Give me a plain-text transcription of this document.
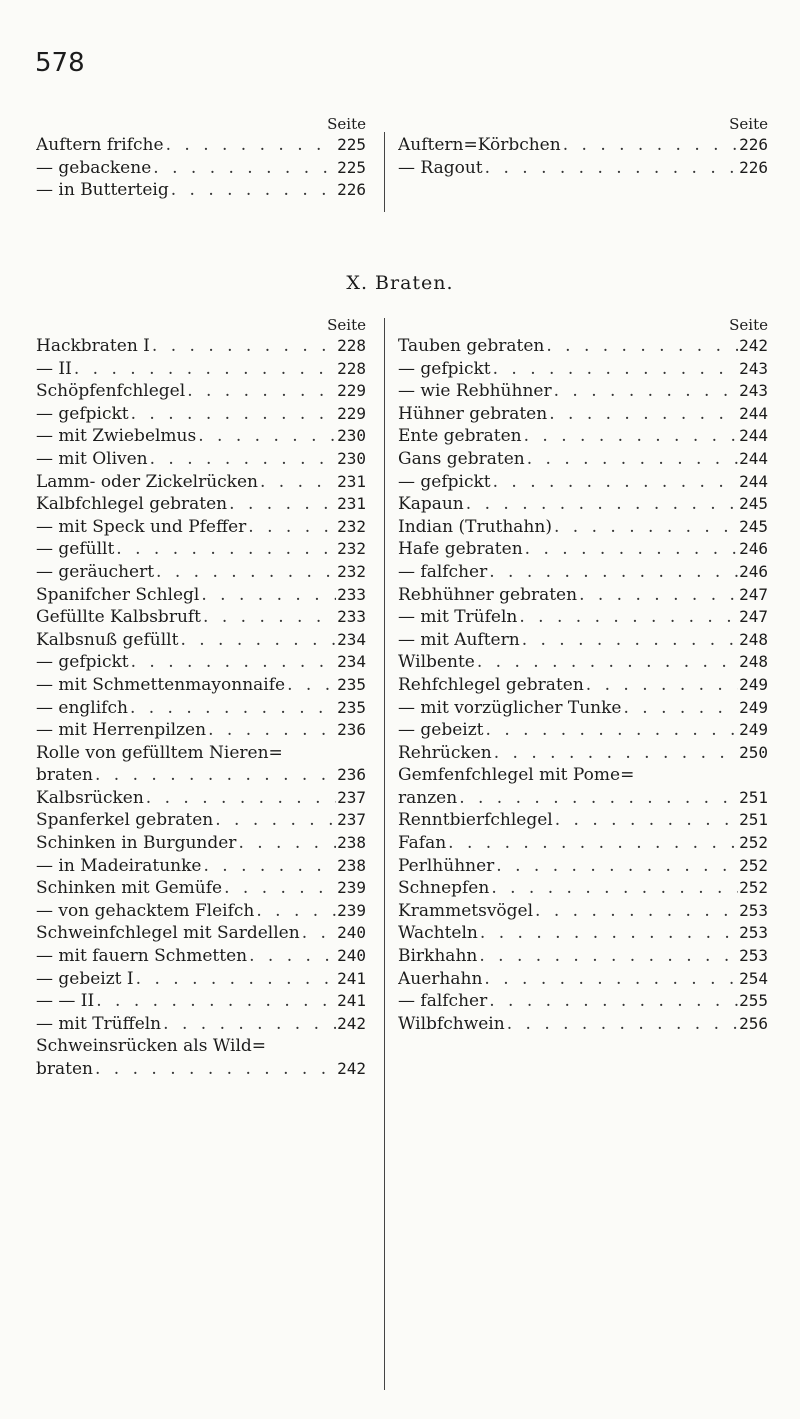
578
Seite
Auftern frifche . . .	225
— gebackene . . .	225
— in Butterteig . . .	226
Seite
Auftern=Körbchen . . .	226
— Ragout . . .	226
X. Braten.
Seite
Hackbraten I . . .	228
— II . . .	228
Schöpfenfchlegel . . .	229
— gefpickt . . .	229
— mit Zwiebelmus . . .	230
— mit Oliven . . .	230
Lamm- oder Zickelrücken . . .	231
Kalbfchlegel gebraten . . .	231
— mit Speck und Pfeffer . . .	232
— gefüllt . . .	232
— geräuchert . . .	232
Spanifcher Schlegl . . .	233
Gefüllte Kalbsbruft . . .	233
Kalbsnuß gefüllt . . .	234
— gefpickt . . .	234
— mit Schmettenmayonnaife . . .	235
— englifch . . .	235
— mit Herrenpilzen . . .	236
Rolle von gefülltem Nieren=
braten . . .	236
Kalbsrücken . . .	237
Spanferkel gebraten . . .	237
Schinken in Burgunder . . .	238
— in Madeiratunke . . .	238
Schinken mit Gemüfe . . .	239
— von gehacktem Fleifch . . .	239
Schweinfchlegel mit Sardellen . . . 240
— mit fauern Schmetten . . .	240
— gebeizt I . . .	241
— — II . . .	241
— mit Trüffeln . . .	242
Schweinsrücken als Wild=
braten . . .	242
Seite
Tauben gebraten . . .	242
— gefpickt . . .	243
— wie Rebhühner . . .	243
Hühner gebraten . . .	244
Ente gebraten . . .	244
Gans gebraten . . .	244
— gefpickt . . .	244
Kapaun . . .	245
Indian (Truthahn) . . .	245
Hafe gebraten . . .	246
— falfcher . . .	246
Rebhühner gebraten . . .	247
— mit Trüfeln . . .	247
— mit Auftern . . .	248
Wilbente . . .	248
Rehfchlegel gebraten . . .	249
— mit vorzüglicher Tunke . . .	249
— gebeizt . . .	249
Rehrücken . . .	250
Gemfenfchlegel mit Pome=
ranzen . . .	251
Renntbierfchlegel . . .	251
Fafan . . .	252
Perlhühner . . .	252
Schnepfen . . .	252
Krammetsvögel . . .	253
Wachteln . . .	253
Birkhahn . . .	253
Auerhahn . . .	254
— falfcher . . .	255
Wilbfchwein . . .	256
